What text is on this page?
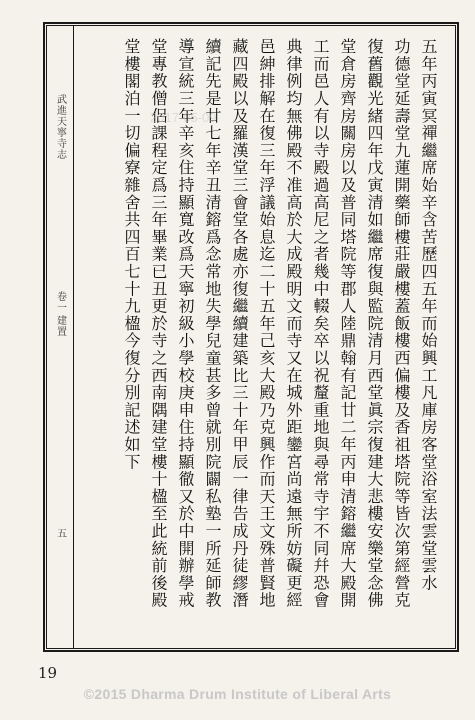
武進天寧寺志
卷一
建置
五	五年丙寅冥禪繼席始辛含苦歷四五年而始興工凡庫房客堂浴室法雲堂雲水
功德堂延壽堂九蓮開藥師樓莊嚴樓蓋飯樓西偏樓及香祖塔院等皆次第經營克
復舊觀光緒四年戊寅清如繼席復與監院清月西堂眞宗復建大悲樓安樂堂念佛
堂倉房齊房關房以及普同塔院等郡人陸鼎翰有記廿二年丙申清鎔繼席大殿開
工而邑人有以寺殿過高尼之者幾中輟矣卒以祝釐重地與尋常寺宇不同幷恐會
典律例均無佛殿不准高於大成殿明文而寺又在城外距鑾宮尚遠無所妨礙更經
邑紳排解在復三年浮議始息迄二十五年己亥大殿乃克興作而天王文殊普賢地
藏四殿以及羅漢堂三會堂各處亦復繼續建築比三十年甲辰一律告成丹徒繆潛
續記先是廿七年辛丑清鎔爲念常地失學兒童甚多曾就別院闢私塾一所延師教
導宣統三年辛亥住持顯寬改爲天寧初級小學校庚申住持顯徹又於中開辦學戒
堂專教僧侶課程定爲三年畢業已丑更於寺之西南隅建堂樓十楹至此統前後殿
堂樓閣泊一切偏寮雜舍共四百七十九楹今復分別記述如下 2017-05-09
19
©2015 Dharma Drum Institute of Liberal Arts
